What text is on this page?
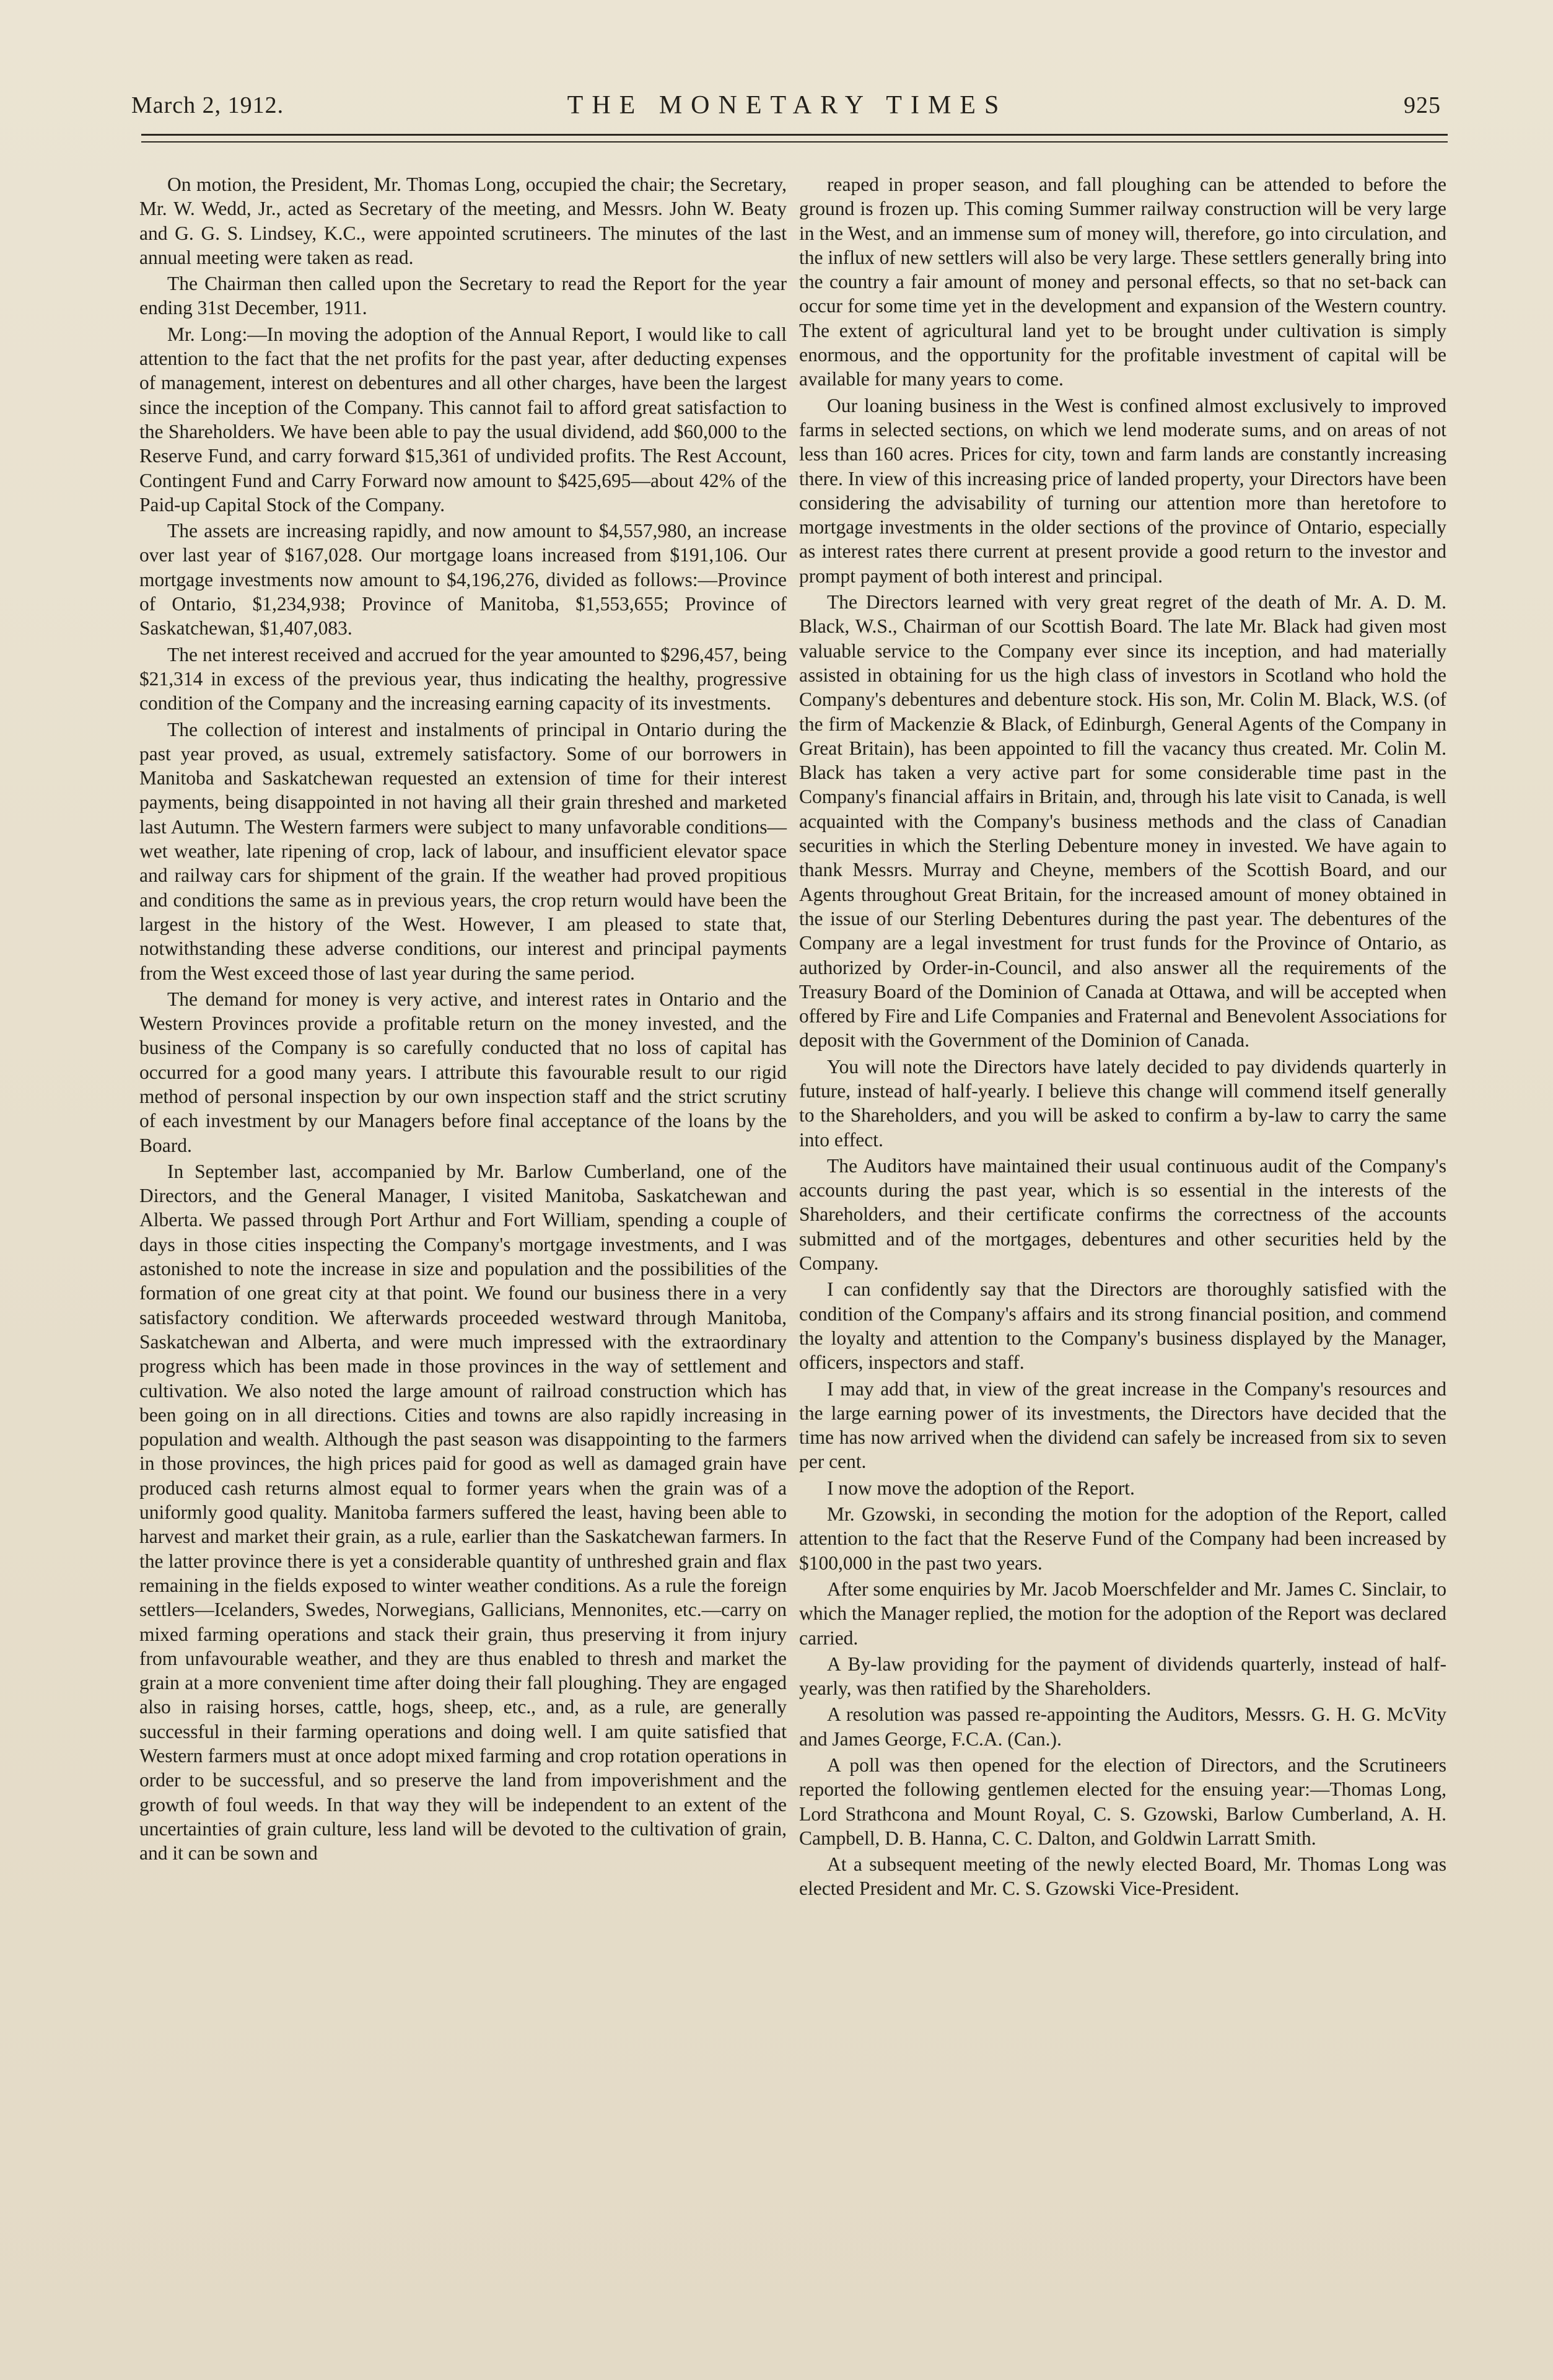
March 2, 1912.	THE MONETARY TIMES	925

On motion, the President, Mr. Thomas Long, occupied the chair; the Secretary, Mr. W. Wedd, Jr., acted as Secretary of the meeting, and Messrs. John W. Beaty and G. G. S. Lindsey, K.C., were appointed scrutineers. The minutes of the last annual meeting were taken as read.

The Chairman then called upon the Secretary to read the Report for the year ending 31st December, 1911.

Mr. Long:—In moving the adoption of the Annual Report, I would like to call attention to the fact that the net profits for the past year, after deducting expenses of management, interest on debentures and all other charges, have been the largest since the inception of the Company. This cannot fail to afford great satisfaction to the Shareholders. We have been able to pay the usual dividend, add $60,000 to the Reserve Fund, and carry forward $15,361 of undivided profits. The Rest Account, Contingent Fund and Carry Forward now amount to $425,695—about 42% of the Paid-up Capital Stock of the Company.

The assets are increasing rapidly, and now amount to $4,557,980, an increase over last year of $167,028. Our mortgage loans increased from $191,106. Our mortgage investments now amount to $4,196,276, divided as follows:—Province of Ontario, $1,234,938; Province of Manitoba, $1,553,655; Province of Saskatchewan, $1,407,083.

The net interest received and accrued for the year amounted to $296,457, being $21,314 in excess of the previous year, thus indicating the healthy, progressive condition of the Company and the increasing earning capacity of its investments.

The collection of interest and instalments of principal in Ontario during the past year proved, as usual, extremely satisfactory. Some of our borrowers in Manitoba and Saskatchewan requested an extension of time for their interest payments, being disappointed in not having all their grain threshed and marketed last Autumn. The Western farmers were subject to many unfavorable conditions—wet weather, late ripening of crop, lack of labour, and insufficient elevator space and railway cars for shipment of the grain. If the weather had proved propitious and conditions the same as in previous years, the crop return would have been the largest in the history of the West. However, I am pleased to state that, notwithstanding these adverse conditions, our interest and principal payments from the West exceed those of last year during the same period.

The demand for money is very active, and interest rates in Ontario and the Western Provinces provide a profitable return on the money invested, and the business of the Company is so carefully conducted that no loss of capital has occurred for a good many years. I attribute this favourable result to our rigid method of personal inspection by our own inspection staff and the strict scrutiny of each investment by our Managers before final acceptance of the loans by the Board.

In September last, accompanied by Mr. Barlow Cumberland, one of the Directors, and the General Manager, I visited Manitoba, Saskatchewan and Alberta. We passed through Port Arthur and Fort William, spending a couple of days in those cities inspecting the Company's mortgage investments, and I was astonished to note the increase in size and population and the possibilities of the formation of one great city at that point. We found our business there in a very satisfactory condition. We afterwards proceeded westward through Manitoba, Saskatchewan and Alberta, and were much impressed with the extraordinary progress which has been made in those provinces in the way of settlement and cultivation. We also noted the large amount of railroad construction which has been going on in all directions. Cities and towns are also rapidly increasing in population and wealth. Although the past season was disappointing to the farmers in those provinces, the high prices paid for good as well as damaged grain have produced cash returns almost equal to former years when the grain was of a uniformly good quality. Manitoba farmers suffered the least, having been able to harvest and market their grain, as a rule, earlier than the Saskatchewan farmers. In the latter province there is yet a considerable quantity of unthreshed grain and flax remaining in the fields exposed to winter weather conditions. As a rule the foreign settlers—Icelanders, Swedes, Norwegians, Gallicians, Mennonites, etc.—carry on mixed farming operations and stack their grain, thus preserving it from injury from unfavourable weather, and they are thus enabled to thresh and market the grain at a more convenient time after doing their fall ploughing. They are engaged also in raising horses, cattle, hogs, sheep, etc., and, as a rule, are generally successful in their farming operations and doing well. I am quite satisfied that Western farmers must at once adopt mixed farming and crop rotation operations in order to be successful, and so preserve the land from impoverishment and the growth of foul weeds. In that way they will be independent to an extent of the uncertainties of grain culture, less land will be devoted to the cultivation of grain, and it can be sown and

reaped in proper season, and fall ploughing can be attended to before the ground is frozen up. This coming Summer railway construction will be very large in the West, and an immense sum of money will, therefore, go into circulation, and the influx of new settlers will also be very large. These settlers generally bring into the country a fair amount of money and personal effects, so that no set-back can occur for some time yet in the development and expansion of the Western country. The extent of agricultural land yet to be brought under cultivation is simply enormous, and the opportunity for the profitable investment of capital will be available for many years to come.

Our loaning business in the West is confined almost exclusively to improved farms in selected sections, on which we lend moderate sums, and on areas of not less than 160 acres. Prices for city, town and farm lands are constantly increasing there. In view of this increasing price of landed property, your Directors have been considering the advisability of turning our attention more than heretofore to mortgage investments in the older sections of the province of Ontario, especially as interest rates there current at present provide a good return to the investor and prompt payment of both interest and principal.

The Directors learned with very great regret of the death of Mr. A. D. M. Black, W.S., Chairman of our Scottish Board. The late Mr. Black had given most valuable service to the Company ever since its inception, and had materially assisted in obtaining for us the high class of investors in Scotland who hold the Company's debentures and debenture stock. His son, Mr. Colin M. Black, W.S. (of the firm of Mackenzie & Black, of Edinburgh, General Agents of the Company in Great Britain), has been appointed to fill the vacancy thus created. Mr. Colin M. Black has taken a very active part for some considerable time past in the Company's financial affairs in Britain, and, through his late visit to Canada, is well acquainted with the Company's business methods and the class of Canadian securities in which the Sterling Debenture money in invested. We have again to thank Messrs. Murray and Cheyne, members of the Scottish Board, and our Agents throughout Great Britain, for the increased amount of money obtained in the issue of our Sterling Debentures during the past year. The debentures of the Company are a legal investment for trust funds for the Province of Ontario, as authorized by Order-in-Council, and also answer all the requirements of the Treasury Board of the Dominion of Canada at Ottawa, and will be accepted when offered by Fire and Life Companies and Fraternal and Benevolent Associations for deposit with the Government of the Dominion of Canada.

You will note the Directors have lately decided to pay dividends quarterly in future, instead of half-yearly. I believe this change will commend itself generally to the Shareholders, and you will be asked to confirm a by-law to carry the same into effect.

The Auditors have maintained their usual continuous audit of the Company's accounts during the past year, which is so essential in the interests of the Shareholders, and their certificate confirms the correctness of the accounts submitted and of the mortgages, debentures and other securities held by the Company.

I can confidently say that the Directors are thoroughly satisfied with the condition of the Company's affairs and its strong financial position, and commend the loyalty and attention to the Company's business displayed by the Manager, officers, inspectors and staff.

I may add that, in view of the great increase in the Company's resources and the large earning power of its investments, the Directors have decided that the time has now arrived when the dividend can safely be increased from six to seven per cent.

I now move the adoption of the Report.

Mr. Gzowski, in seconding the motion for the adoption of the Report, called attention to the fact that the Reserve Fund of the Company had been increased by $100,000 in the past two years.

After some enquiries by Mr. Jacob Moerschfelder and Mr. James C. Sinclair, to which the Manager replied, the motion for the adoption of the Report was declared carried.

A By-law providing for the payment of dividends quarterly, instead of half-yearly, was then ratified by the Shareholders.

A resolution was passed re-appointing the Auditors, Messrs. G. H. G. McVity and James George, F.C.A. (Can.).

A poll was then opened for the election of Directors, and the Scrutineers reported the following gentlemen elected for the ensuing year:—Thomas Long, Lord Strathcona and Mount Royal, C. S. Gzowski, Barlow Cumberland, A. H. Campbell, D. B. Hanna, C. C. Dalton, and Goldwin Larratt Smith.

At a subsequent meeting of the newly elected Board, Mr. Thomas Long was elected President and Mr. C. S. Gzowski Vice-President.
